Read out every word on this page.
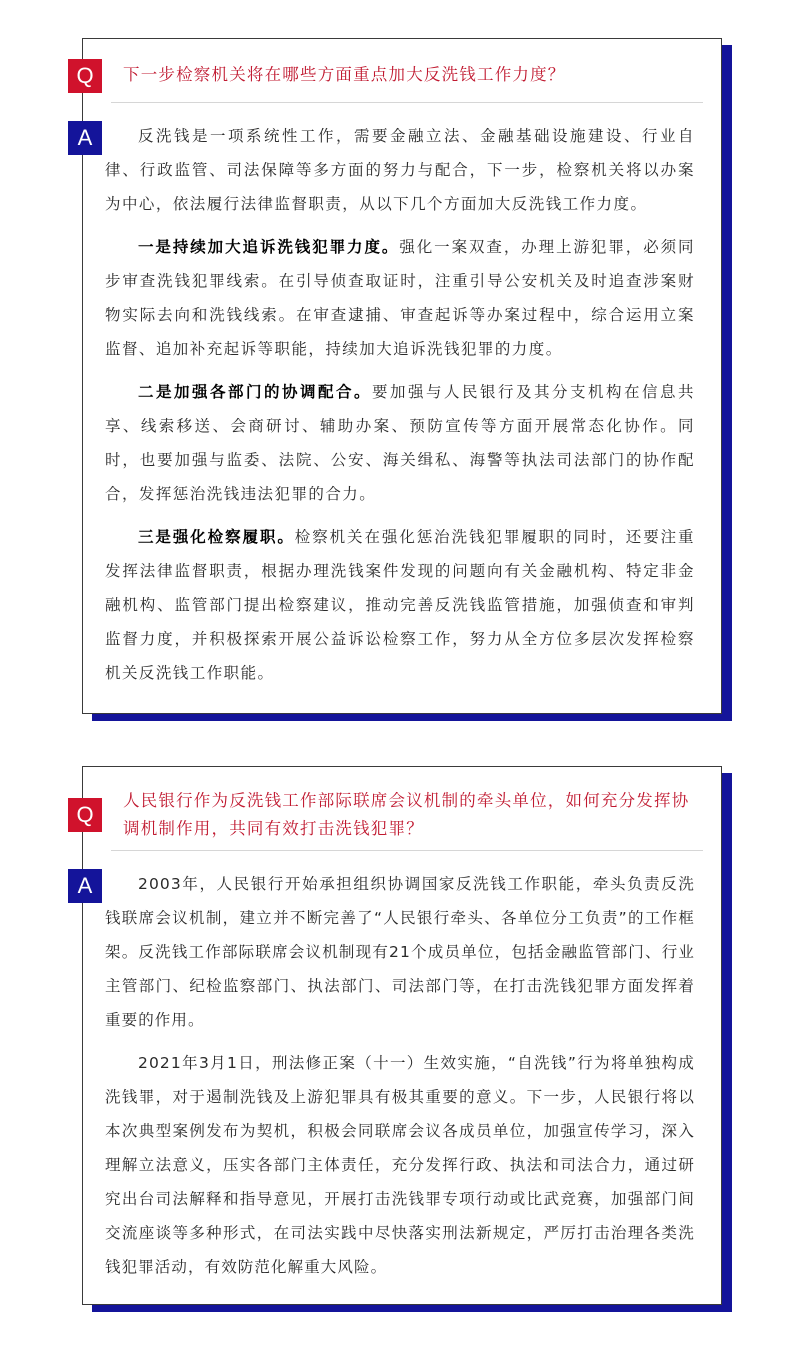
Q	下一步检察机关将在哪些方面重点加大反洗钱工作力度？
A	反洗钱是一项系统性工作，需要金融立法、金融基础设施建设、行业自律、行政监管、司法保障等多方面的努力与配合，下一步，检察机关将以办案为中心，依法履行法律监督职责，从以下几个方面加大反洗钱工作力度。

一是持续加大追诉洗钱犯罪力度。强化一案双查，办理上游犯罪，必须同步审查洗钱犯罪线索。在引导侦查取证时，注重引导公安机关及时追查涉案财物实际去向和洗钱线索。在审查逮捕、审查起诉等办案过程中，综合运用立案监督、追加补充起诉等职能，持续加大追诉洗钱犯罪的力度。

二是加强各部门的协调配合。要加强与人民银行及其分支机构在信息共享、线索移送、会商研讨、辅助办案、预防宣传等方面开展常态化协作。同时，也要加强与监委、法院、公安、海关缉私、海警等执法司法部门的协作配合，发挥惩治洗钱违法犯罪的合力。

三是强化检察履职。检察机关在强化惩治洗钱犯罪履职的同时，还要注重发挥法律监督职责，根据办理洗钱案件发现的问题向有关金融机构、特定非金融机构、监管部门提出检察建议，推动完善反洗钱监管措施，加强侦查和审判监督力度，并积极探索开展公益诉讼检察工作，努力从全方位多层次发挥检察机关反洗钱工作职能。

Q
人民银行作为反洗钱工作部际联席会议机制的牵头单位，如何充分发挥协调机制作用，共同有效打击洗钱犯罪？
A	2003年，人民银行开始承担组织协调国家反洗钱工作职能，牵头负责反洗钱联席会议机制，建立并不断完善了“人民银行牵头、各单位分工负责”的工作框架。反洗钱工作部际联席会议机制现有21个成员单位，包括金融监管部门、行业主管部门、纪检监察部门、执法部门、司法部门等，在打击洗钱犯罪方面发挥着重要的作用。

2021年3月1日，刑法修正案（十一）生效实施，“自洗钱”行为将单独构成洗钱罪，对于遏制洗钱及上游犯罪具有极其重要的意义。下一步，人民银行将以本次典型案例发布为契机，积极会同联席会议各成员单位，加强宣传学习，深入理解立法意义，压实各部门主体责任，充分发挥行政、执法和司法合力，通过研究出台司法解释和指导意见，开展打击洗钱罪专项行动或比武竞赛，加强部门间交流座谈等多种形式，在司法实践中尽快落实刑法新规定，严厉打击治理各类洗钱犯罪活动，有效防范化解重大风险。
